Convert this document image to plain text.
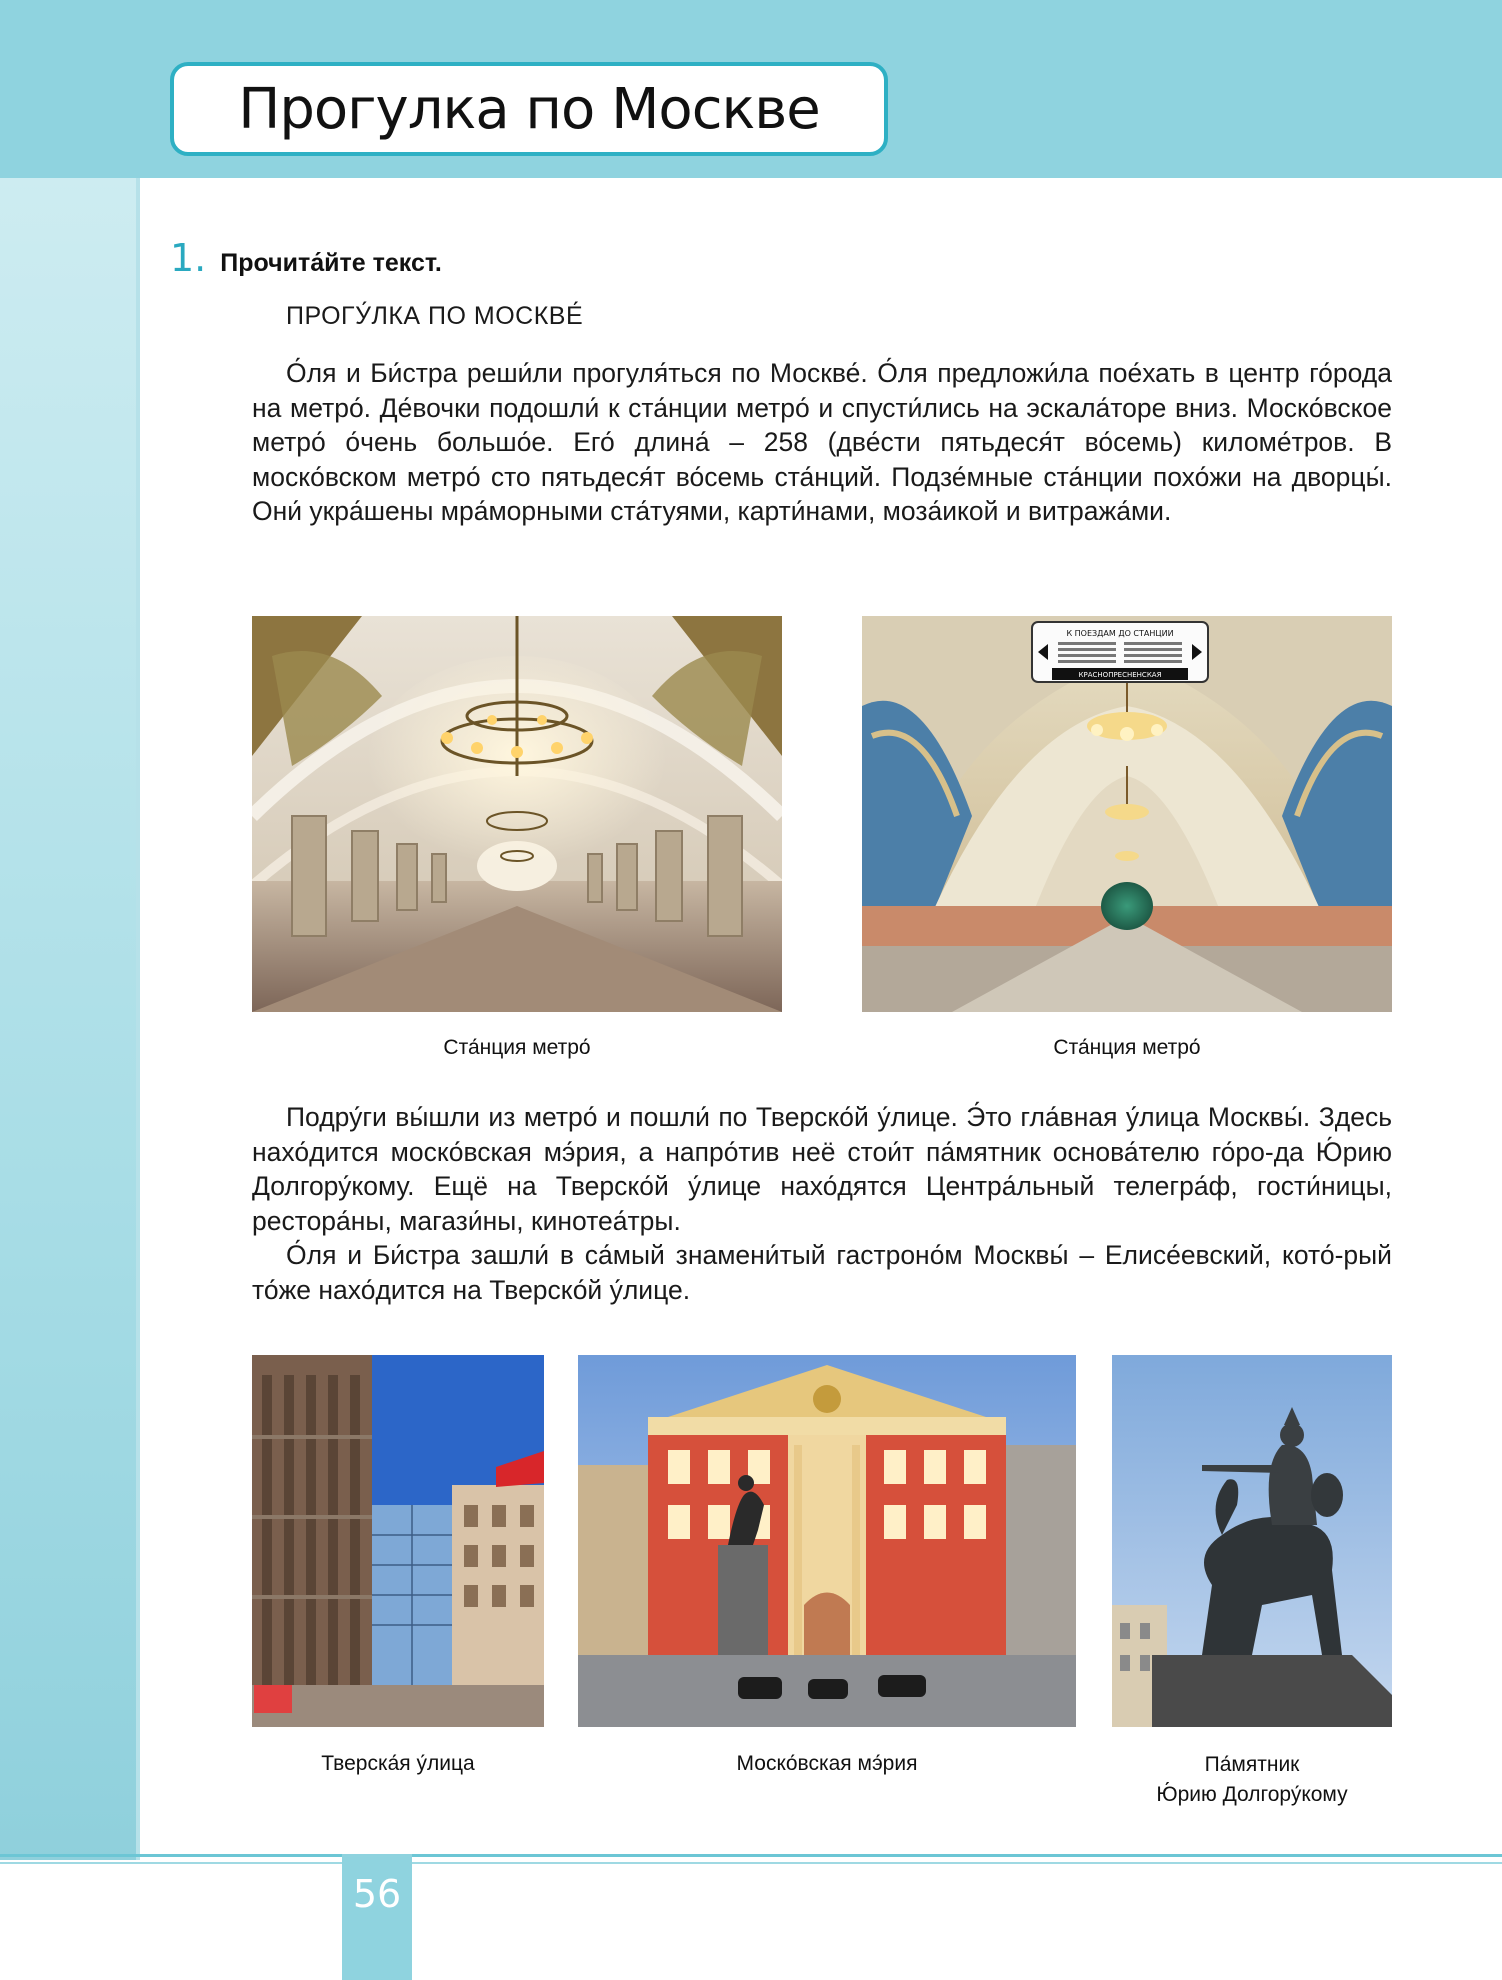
Прогулка по Москве
1. Прочита́йте текст.
ПРОГУ́ЛКА ПО МОСКВЕ́

О́ля и Би́стра реши́ли прогуля́ться по Москве́. О́ля предложи́ла пое́хать в центр го́рода на метро́. Де́вочки подошли́ к ста́нции метро́ и спусти́лись на эскала́торе вниз. Моско́вское метро́ о́чень большо́е. Его́ длина́ – 258 (две́сти пятьдеся́т во́семь) киломе́тров. В моско́вском метро́ сто пятьдеся́т во́семь ста́нций. Подзе́мные ста́нции похо́жи на дворцы́. Они́ укра́шены мра́морными ста́туями, карти́нами, моза́икой и витража́ми.

Ста́нция метро́
К ПОЕЗДАМ ДО СТАНЦИИ
КРАСНОПРЕСНЕНСКАЯ
Ста́нция метро́

Подру́ги вы́шли из метро́ и пошли́ по Тверско́й у́лице. Э́то гла́вная у́лица Москвы́. Здесь нахо́дится моско́вская мэ́рия, а напро́тив неё стои́т па́мятник основа́телю го́ро-да Ю́рию Долгору́кому. Ещё на Тверско́й у́лице нахо́дятся Центра́льный телегра́ф, гости́ницы, рестора́ны, магази́ны, кинотеа́тры.

О́ля и Би́стра зашли́ в са́мый знамени́тый гастроно́м Москвы́ – Елисе́евский, кото́-рый то́же нахо́дится на Тверско́й у́лице.

Тверска́я у́лица	Моско́вская мэ́рия	Па́мятник
Ю́рию Долгору́кому
56
